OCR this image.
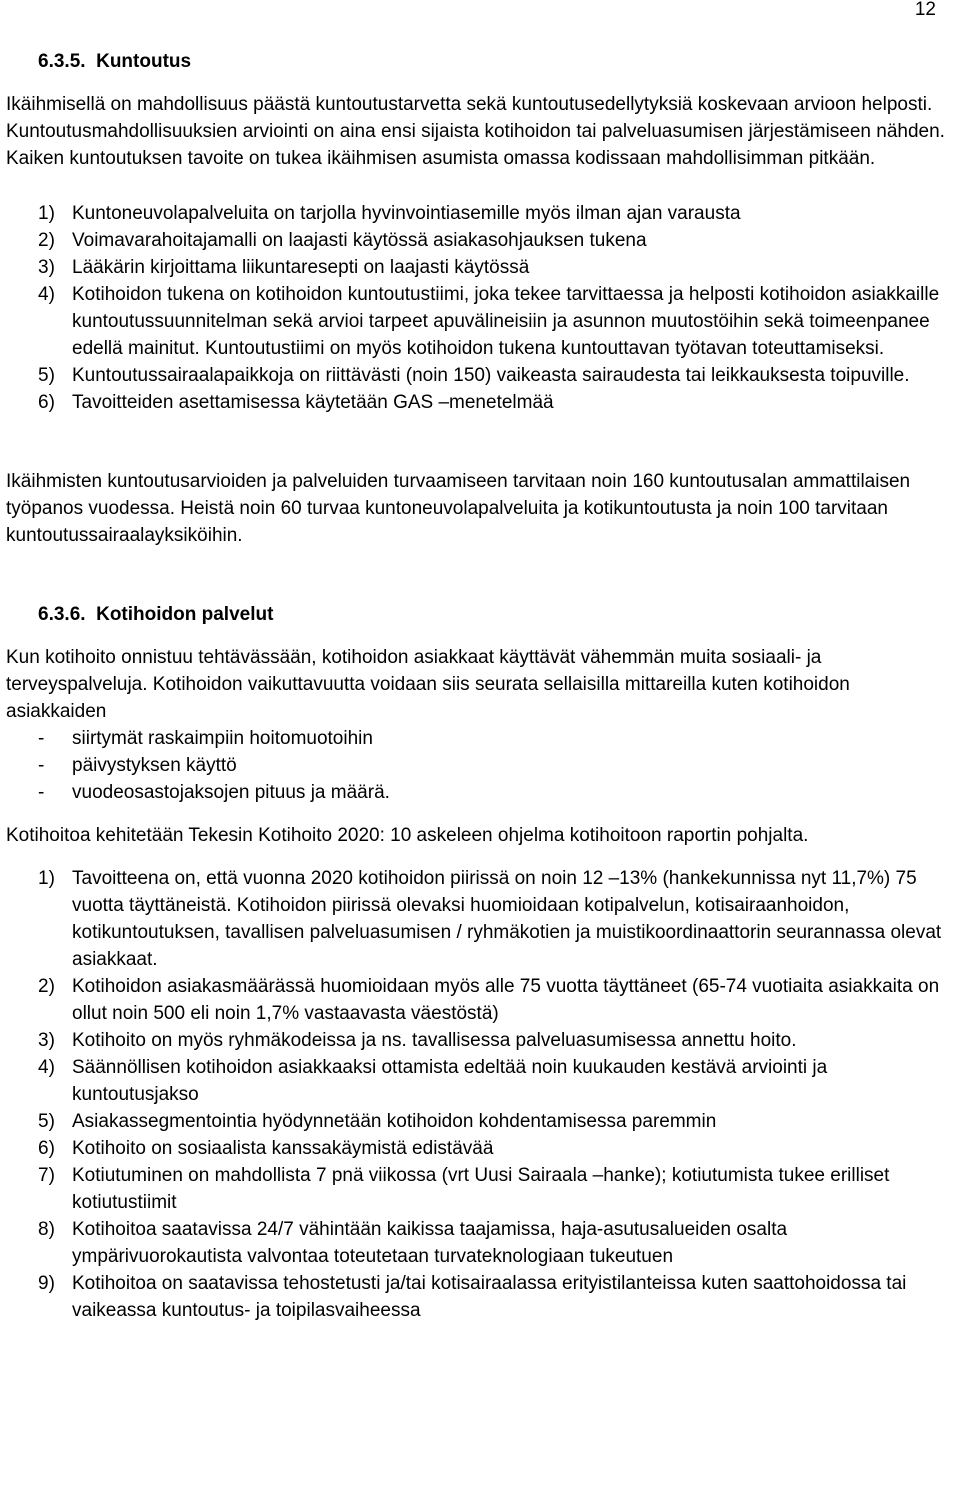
12
6.3.5. Kuntoutus

Ikäihmisellä on mahdollisuus päästä kuntoutustarvetta sekä kuntoutusedellytyksiä koskevaan arvioon helposti. Kuntoutusmahdollisuuksien arviointi on aina ensi sijaista kotihoidon tai palveluasumisen järjestämiseen nähden. Kaiken kuntoutuksen tavoite on tukea ikäihmisen asumista omassa kodissaan mahdollisimman pitkään.

1) Kuntoneuvolapalveluita on tarjolla hyvinvointiasemille myös ilman ajan varausta
2) Voimavarahoitajamalli on laajasti käytössä asiakasohjauksen tukena
3) Lääkärin kirjoittama liikuntaresepti on laajasti käytössä
4) Kotihoidon tukena on kotihoidon kuntoutustiimi, joka tekee tarvittaessa ja helposti kotihoidon asiakkaille kuntoutussuunnitelman sekä arvioi tarpeet apuvälineisiin ja asunnon muutostöihin sekä toimeenpanee edellä mainitut. Kuntoutustiimi on myös kotihoidon tukena kuntouttavan työtavan toteuttamiseksi.
5) Kuntoutussairaalapaikkoja on riittävästi (noin 150) vaikeasta sairaudesta tai leikkauksesta toipuville.
6) Tavoitteiden asettamisessa käytetään GAS –menetelmää

Ikäihmisten kuntoutusarvioiden ja palveluiden turvaamiseen tarvitaan noin 160 kuntoutusalan ammattilaisen työpanos vuodessa. Heistä noin 60 turvaa kuntoneuvolapalveluita ja kotikuntoutusta ja noin 100 tarvitaan kuntoutussairaalayksiköihin.

6.3.6. Kotihoidon palvelut

Kun kotihoito onnistuu tehtävässään, kotihoidon asiakkaat käyttävät vähemmän muita sosiaali- ja terveyspalveluja. Kotihoidon vaikuttavuutta voidaan siis seurata sellaisilla mittareilla kuten kotihoidon asiakkaiden

- siirtymät raskaimpiin hoitomuotoihin
- päivystyksen käyttö
- vuodeosastojaksojen pituus ja määrä.

Kotihoitoa kehitetään Tekesin Kotihoito 2020: 10 askeleen ohjelma kotihoitoon raportin pohjalta.

1) Tavoitteena on, että vuonna 2020 kotihoidon piirissä on noin 12 –13% (hankekunnissa nyt 11,7%) 75 vuotta täyttäneistä. Kotihoidon piirissä olevaksi huomioidaan kotipalvelun, kotisairaanhoidon, kotikuntoutuksen, tavallisen palveluasumisen / ryhmäkotien ja muistikoordinaattorin seurannassa olevat asiakkaat.
2) Kotihoidon asiakasmäärässä huomioidaan myös alle 75 vuotta täyttäneet (65-74 vuotiaita asiakkaita on ollut noin 500 eli noin 1,7% vastaavasta väestöstä)
3) Kotihoito on myös ryhmäkodeissa ja ns. tavallisessa palveluasumisessa annettu hoito.
4) Säännöllisen kotihoidon asiakkaaksi ottamista edeltää noin kuukauden kestävä arviointi ja kuntoutusjakso
5) Asiakassegmentointia hyödynnetään kotihoidon kohdentamisessa paremmin
6) Kotihoito on sosiaalista kanssakäymistä edistävää
7) Kotiutuminen on mahdollista 7 pnä viikossa (vrt Uusi Sairaala –hanke); kotiutumista tukee erilliset kotiutustiimit
8) Kotihoitoa saatavissa 24/7 vähintään kaikissa taajamissa, haja-asutusalueiden osalta ympärivuorokautista valvontaa toteutetaan turvateknologiaan tukeutuen
9) Kotihoitoa on saatavissa tehostetusti ja/tai kotisairaalassa erityistilanteissa kuten saattohoidossa tai vaikeassa kuntoutus- ja toipilasvaiheessa
